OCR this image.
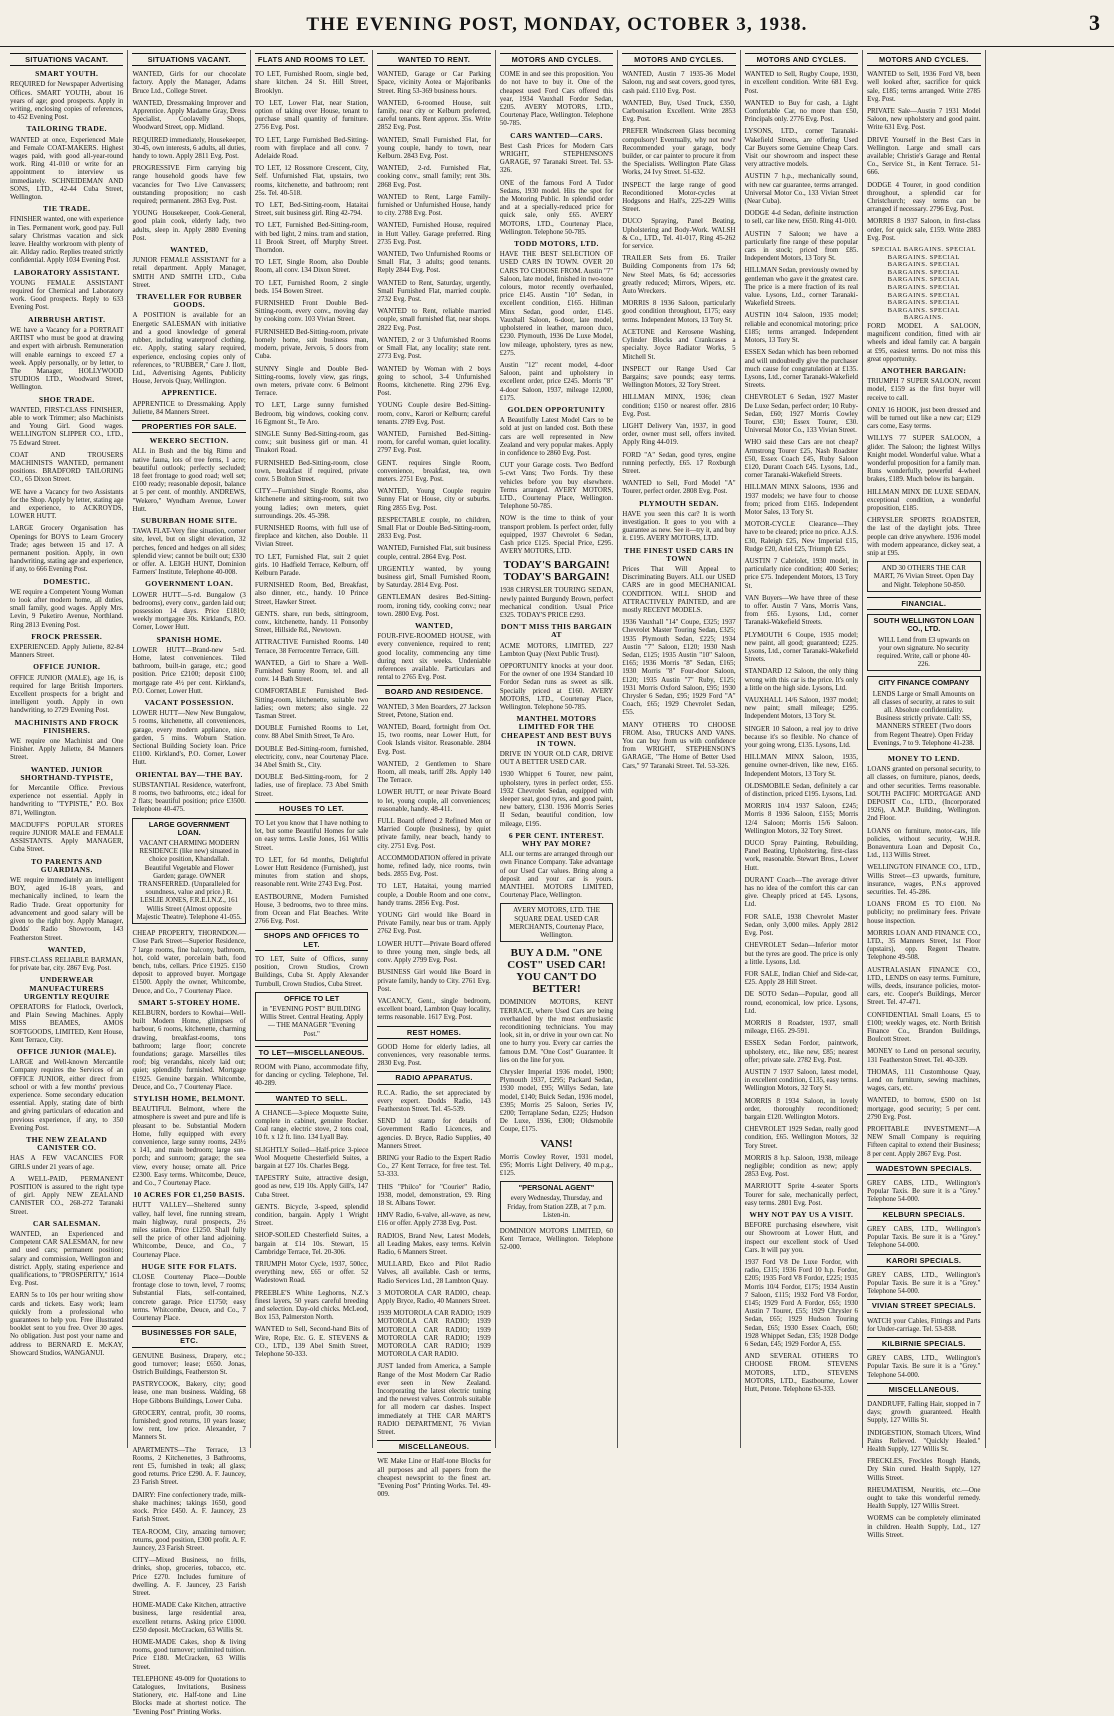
THE EVENING POST, MONDAY, OCTOBER 3, 1938.	3
SITUATIONS VACANT.
SMART YOUTH.
REQUIRED for Newspaper Advertising Offices. SMART YOUTH, about 16 years of age; good prospects. Apply in writing, enclosing copies of references, to 452 Evening Post.
TAILORING TRADE.
WANTED at once, Experienced Male and Female COAT-MAKERS. Highest wages paid, with good all-year-round work. Ring 41-010 or write for an appointment to interview us immediately. SCHNEIDEMAN AND SONS, LTD., 42-44 Cuba Street, Wellington.
TIE TRADE.
FINISHER wanted, one with experience in Ties. Permanent work, good pay. Full salary Christmas vacation and sick leave. Healthy workroom with plenty of air. Allday radio. Replies treated strictly confidential. Apply 1034 Evening Post.
LABORATORY ASSISTANT.
YOUNG FEMALE ASSISTANT required for Chemical and Laboratory work. Good prospects. Reply to 633 Evening Post.
AIRBRUSH ARTIST.
WE have a Vacancy for a PORTRAIT ARTIST who must be good at drawing and expert with airbrush. Remuneration will enable earnings to exceed £7 a week. Apply personally, or by letter, to The Manager, HOLLYWOOD STUDIOS LTD., Woodward Street, Wellington.
SHOE TRADE.
WANTED, FIRST-CLASS FINISHER, able to work Trimmer; also Machinists and Young Girl. Good wages. WELLINGTON SLIPPER CO., LTD., 75 Edward Street.
COAT AND TROUSERS MACHINISTS WANTED, permanent positions. BRADFORD TAILORING CO., 65 Dixon Street.
WE have a Vacancy for two Assistants for the Shop. Apply by letter, stating age and experience, to ACKROYDS, LOWER HUTT.
LARGE Grocery Organisation has Openings for BOYS to Learn Grocery Trade; ages between 15 and 17. A permanent position. Apply, in own handwriting, stating age and experience, if any, to 666 Evening Post.
DOMESTIC.
WE require a Competent Young Woman to look after modern home, all duties, small family, good wages. Apply Mrs. Levin, 9 Puketiro Avenue, Northland. Ring 2813 Evening Post.
FROCK PRESSER.
EXPERIENCED. Apply Juliette, 82-84 Manners Street.
OFFICE JUNIOR.
OFFICE JUNIOR (MALE), age 16, is required for large British Importers. Excellent prospects for a bright and intelligent youth. Apply in own handwriting, to 2729 Evening Post.
MACHINISTS AND FROCK FINISHERS.
WE require one Machinist and One Finisher. Apply Juliette, 84 Manners Street.
WANTED. JUNIOR SHORTHAND-TYPISTE,
for Mercantile Office. Previous experience not essential. Apply in handwriting to "TYPISTE," P.O. Box 871, Wellington.
MACDUFF'S POPULAR STORES require JUNIOR MALE and FEMALE ASSISTANTS. Apply MANAGER, Cuba Street.
TO PARENTS AND GUARDIANS.
WE require immediately an intelligent BOY, aged 16-18 years, and mechanically inclined, to learn the Radio Trade. Great opportunity for advancement and good salary will be given to the right boy. Apply Manager, Dodds' Radio Showroom, 143 Featherston Street.
WANTED,
FIRST-CLASS RELIABLE BARMAN, for private bar, city. 2867 Evg. Post.
UNDERWEAR MANUFACTURERS URGENTLY REQUIRE
OPERATORS for Flatlock, Overlock, and Plain Sewing Machines. Apply MISS BEAMES, AMOS SOFTGOODS, LIMITED, Kent House, Kent Terrace, City.
OFFICE JUNIOR (MALE).
LARGE and Well-known Mercantile Company requires the Services of an OFFICE JUNIOR, either direct from school or with a few months' previous experience. Some secondary education essential. Apply, stating date of birth and giving particulars of education and previous experience, if any, to 350 Evening Post.
THE NEW ZEALAND CANISTER CO.
HAS A FEW VACANCIES FOR GIRLS under 21 years of age.
A WELL-PAID, PERMANENT POSITION is assured to the right type of girl. Apply NEW ZEALAND CANISTER CO., 268-272 Taranaki Street.
CAR SALESMAN.
WANTED, an Experienced and Competent CAR SALESMAN, for new and used cars; permanent position; salary and commission, Wellington and district. Apply, stating experience and qualifications, to "PROSPERITY," 1614 Evg. Post.
EARN 5s to 10s per hour writing show cards and tickets. Easy work; learn quickly from a professional who guarantees to help you. Free illustrated booklet sent to you free. Over 30 ages. No obligation. Just post your name and address to BERNARD E. McKAY, Showcard Studios, WANGANUI.
SITUATIONS VACANT.
WANTED, Girls for our chocolate factory. Apply the Manager, Adams Bruce Ltd., College Street.
WANTED, Dressmaking Improver and Apprentice. Apply Madame Gray, Dress Specialist, Coolavelly Shops, Woodward Street, opp. Midland.
REQUIRED immediately, Housekeeper, 30-45, own interests, 6 adults, all duties, handy to town. Apply 2811 Evg. Post.
PROGRESSIVE Firm carrying big range household goods have few vacancies for Two Live Canvassers; outstanding proposition; no cash required; permanent. 2863 Evg. Post.
YOUNG Housekeeper, Cook-General, good plain cook, elderly lady, two adults, sleep in. Apply 2880 Evening Post.
WANTED,
JUNIOR FEMALE ASSISTANT for a retail department. Apply Manager, SMITH AND SMITH LTD., Cuba Street.
TRAVELLER FOR RUBBER GOODS.
A POSITION is available for an Energetic SALESMAN with initiative and a good knowledge of general rubber, including waterproof clothing, etc. Apply, stating salary required, experience, enclosing copies only of references, to "RUBBER," Care J. Ilott, Ltd., Advertising Agents, Publicity House, Jervois Quay, Wellington.
APPRENTICE.
APPRENTICE to Dressmaking. Apply Juliette, 84 Manners Street.
PROPERTIES FOR SALE.
WEKERO SECTION.
ALL in Bush and the big Rimu and native fauna, lots of tree ferns, 1 acre; beautiful outlook; perfectly secluded; 18 feet frontage to good road; well set; £100 ready; reasonable deposit, balance at 5 per cent. of monthly. ANDREWS, "Wekero," Wyndham Avenue, Lower Hutt.
SUBURBAN HOME SITE.
TAWA FLAT-Very fine situation, corner site, level, but on slight elevation, 32 perches, fenced and hedges on all sides; splendid view; cannot be built out; £330 or offer. A. LEIGH HUNT, Dominion Farmers' Institute, Telephone 40-008.
GOVERNMENT LOAN.
LOWER HUTT—5-rd. Bungalow (3 bedrooms), every conv., garden laid out; possession 14 days. Price £1810; weekly mortgagee 30s. Kirkland's, P.O. Corner, Lower Hutt.
SPANISH HOME.
LOWER HUTT—Brand-new 5-rd. Home, latest conveniences. Tiled bathroom, built-in garage, etc.; good position. Price £2100; deposit £100; mortgage rate 4½ per cent. Kirkland's, P.O. Corner, Lower Hutt.
VACANT POSSESSION.
LOWER HUTT—New New Bungalow, 5 rooms, kitchenette, all conveniences, garage, every modern appliance, nice garden, 5 mins. Woburn Station. Sectional Building Society loan. Price £1100. Kirkland's, P.O. Corner, Lower Hutt.
ORIENTAL BAY—THE BAY.
SUBSTANTIAL Residence, waterfront, 8 rooms, two bathrooms, etc.; ideal for 2 flats; beautiful position; price £3500. Telephone 40-475.
LARGE GOVERNMENT LOAN.
VACANT CHARMING MODERN RESIDENCE (like new) situated in choice position, Khandallah. Beautiful Vegetable and Flower Garden; garage. OWNER TRANSFERRED. (Unparalleled for soundness, value and price.) R. LESLIE JONES, F.R.E.I.N.Z., 161 Willis Street (Almost opposite Majestic Theatre). Telephone 41-055.
CHEAP PROPERTY, THORNDON.—Close Park Street—Superior Residence, 7 large rooms, fine balcony, bathroom, hot, cold water, porcelain bath, food bench, tubs, cellars. Price £1925. £150 deposit to approved buyer. Mortgage £1500. Apply the owner, Whitcombe, Deuce, and Co., 7 Courtenay Place.
SMART 5-STOREY HOME.
KELBURN, borders to Kowhai—Well-built Modern Home, glimpses of harbour, 6 rooms, kitchenette, charming drawing, breakfast-rooms, tons bathroom; large floor; concrete foundations; garage. Marseilles tiles roof; big verandahs, nicely laid out; quiet; splendidly furnished. Mortgage £1925. Genuine bargain. Whitcombe, Deuce, and Co., 7 Courtenay Place.
STYLISH HOME, BELMONT.
BEAUTIFUL Belmont, where the atmosphere is sweet and pure and life is pleasant to be. Substantial Modern Home, fully equipped with every convenience, large sunny rooms, 243½ x 141, and main bedroom; large sun-porch; and sunroom; garage; the sea view, every house; ornate all. Price £2300. Easy terms. Whitcombe, Deuce, and Co., 7 Courtenay Place.
10 ACRES FOR £1,250 BASIS.
HUTT VALLEY—Sheltered sunny valley, half level, fine running stream, main highway, rural prospects, 2½ miles station. Price £1250. Shall fully sell the price of other land adjoining. Whitcombe, Deuce, and Co., 7 Courtenay Place.
HUGE SITE FOR FLATS.
CLOSE Courtenay Place—Double frontage close to town, level, 7 rooms; Substantial Flats, self-contained, concrete garage. Price £1750; easy terms. Whitcombe, Deuce, and Co., 7 Courtenay Place.
BUSINESSES FOR SALE, ETC.
GENUINE Business, Drapery, etc.; good turnover; lease; £650. Jonas, Ostrich Buildings, Featherston St.
PASTRYCOOK, Bakery, city; good lease, one man business. Walding, 68 Hope Gibbons Buildings, Lower Cuba.
GROCERY, central, profit, 30 rooms, furnished; good returns, 10 years lease; low rent, low price. Alexander, 7 Manners St.
APARTMENTS—The Terrace, 13 Rooms, 2 Kitchenettes, 3 Bathrooms, rent £5, furnished in teak; all glass; good returns. Price £290. A. F. Jauncey, 23 Farish Street.
DAIRY: Fine confectionery trade, milk-shake machines; takings 1650, good stock. Price £450. A. F. Jauncey, 23 Farish Street.
TEA-ROOM, City, amazing turnover; returns, good position, £300 profit. A. F. Jauncey, 23 Farish Street.
CITY—Mixed Business, no frills, drinks, shop, groceries, tobacco, etc. Price £270. Includes furniture of dwelling. A. F. Jauncey, 23 Farish Street.
HOME-MADE Cake Kitchen, attractive business, large residential area, excellent returns. Asking price £1000. £250 deposit. McCracken, 63 Willis St.
HOME-MADE Cakes, shop & living rooms, good turnover; unlimited tuition. Price £180. McCracken, 63 Willis Street.
TELEPHONE 49-009 for Quotations to Catalogues, Invitations, Business Stationery, etc. Half-tone and Line Blocks made at shortest notice. The "Evening Post" Printing Works.
FLATS AND ROOMS TO LET.
TO LET, Furnished Room, single bed, share kitchen. 24 St. Hill Street, Brooklyn.
TO LET, Lower Flat, near Station, option of taking over House, tenant to purchase small quantity of furniture. 2756 Evg. Post.
TO LET, Large Furnished Bed-Sitting-room with fireplace and all conv. 7 Adelaide Road.
TO LET, 12 Rossmore Crescent, City, Self. Unfurnished Flat, upstairs, two rooms, kitchenette, and bathroom; rent 25s. Tel. 40-518.
TO LET, Bed-Sitting-room, Hataitai Street, suit business girl. Ring 42-794.
TO LET, Furnished Bed-Sitting-room, with bed light, 2 mins. tram and station, 11 Brook Street, off Murphy Street. Thorndon.
TO LET, Single Room, also Double Room, all conv. 134 Dixon Street.
TO LET, Furnished Room, 2 single beds. 154 Bowen Street.
FURNISHED Front Double Bed-Sitting-room, every conv., moving day by cooking conv. 103 Vivian Street.
FURNISHED Bed-Sitting-room, private homely home, suit business man, modern, private, Jervois, 5 doors from Cuba.
SUNNY Single and Double Bed-Sitting-rooms, lovely view, gas rings, own meters, private conv. 6 Belmont Terrace.
TO LET, Large sunny furnished Bedroom, big windows, cooking conv. 16 Egmont St., Te Aro.
SINGLE Sunny Bed-Sitting-room, gas conv.; suit business girl or man. 41 Tinakori Road.
FURNISHED Bed-Sitting-room, close town, breakfast if required, private conv. 5 Bolton Street.
CITY—Furnished Single Rooms, also kitchenette and sitting-room, suit two young ladies; own meters, quiet surroundings. 20s. 45-398.
FURNISHED Rooms, with full use of fireplace and kitchen, also Double. 11 Vivian Street.
TO LET, Furnished Flat, suit 2 quiet girls. 10 Hadfield Terrace, Kelburn, off Kelburn Parade.
FURNISHED Room, Bed, Breakfast, also dinner, etc., handy. 10 Prince Street, Hawker Street.
GENTS. share, run beds, sittingroom, conv., kitchenette, handy. 11 Ponsonby Street, Hillside Rd., Newtown.
ATTRACTIVE Furnished Rooms. 140 Terrace, 38 Ferrocentre Terrace, Gill.
WANTED, a Girl to Share a Well-Furnished Sunny Room, tel. and all conv. 14 Bath Street.
COMFORTABLE Furnished Bed-Sitting-room, kitchenette, suitable two ladies; own meters; also single. 22 Tasman Street.
DOUBLE Furnished Rooms to Let, conv. 88 Abel Smith Street, Te Aro.
DOUBLE Bed-Sitting-room, furnished, electricity, conv., near Courtenay Place. 34 Abel Smith St., City.
DOUBLE Bed-Sitting-room, for 2 ladies, use of fireplace. 73 Abel Smith Street.
HOUSES TO LET.
TO Let you know that I have nothing to let, but some Beautiful Homes for sale on easy terms. Leslie Jones, 161 Willis Street.
TO LET, for 6d months, Delightful Lower Hutt Residence (Furnished), just minutes from station and shops, reasonable rent. Write 2743 Evg. Post.
EASTBOURNE, Modern Furnished House, 3 bedrooms, two to three mins. from Ocean and Flat Beaches. Write 2766 Evg. Post.
SHOPS AND OFFICES TO LET.
TO LET, Suite of Offices, sunny position, Crown Studios, Crown Buildings, Cuba St. Apply Alexander Turnbull, Crown Studios, Cuba Street.
OFFICE TO LET
in "EVENING POST" BUILDING Willis Street. Central Heating. Apply— THE MANAGER "Evening Post."
TO LET—MISCELLANEOUS.
ROOM with Piano, accommodate fifty, for dancing or cycling. Telephone, Tel. 40-289.
WANTED TO SELL.
A CHANCE—3-piece Moquette Suite, complete in cabinet, genuine Rocker. Coal range, electric stove, 2 tons coal, 10 ft. x 12 ft. lino. 134 Lyall Bay.
SLIGHTLY Soiled—Half-price 3-piece Wool Moquette Chesterfield Suites, a bargain at £27 10s. Charles Begg.
TAPESTRY Suite, attractive design, good as new, £19 10s. Apply Gill's, 147 Cuba Street.
GENTS. Bicycle, 3-speed, splendid condition, bargain. Apply 1 Wright Street.
SHOP-SOILED Chesterfield Suites, a bargain at £14 10s. Stewart, 15 Cambridge Terrace, Tel. 20-306.
TRIUMPH Motor Cycle, 1937, 500cc, everything new, £65 or offer. 52 Wadestown Road.
PREEBLE'S White Leghorns, N.Z.'s finest layers, 50 years careful breeding and selection. Day-old chicks. McLeod, Box 153, Palmerston North.
WANTED to Sell, Second-hand Bits of Wire, Rope, Etc. G. E. STEVENS & CO., LTD., 139 Abel Smith Street, Telephone 50-333.
WANTED TO RENT.
WANTED, Garage or Car Parking Space, vicinity Aotea or Majoribanks Street. Ring 53-369 business hours.
WANTED, 6-roomed House, suit family, near city or Kelburn preferred, careful tenants. Rent approx. 35s. Write 2852 Evg. Post.
WANTED, Small Furnished Flat, for young couple, handy to town, near Kelburn. 2843 Evg. Post.
WANTED, 2-rd. Furnished Flat, cooking conv., small family; rent 30s. 2868 Evg. Post.
WANTED to Rent, Large Family-furnished or Unfurnished House, handy to city. 2788 Evg. Post.
WANTED, Furnished House, required in Hutt Valley. Garage preferred. Ring 2735 Evg. Post.
WANTED, Two Unfurnished Rooms or Small Flat, 3 adults; good tenants. Reply 2844 Evg. Post.
WANTED to Rent, Saturday, urgently, Small Furnished Flat, married couple. 2732 Evg. Post.
WANTED to Rent, reliable married couple, small furnished flat, near shops. 2822 Evg. Post.
WANTED, 2 or 3 Unfurnished Rooms or Small Flat, any locality; state rent. 2773 Evg. Post.
WANTED by Woman with 2 boys going to school, 3-4 Unfurnished Rooms, kitchenette. Ring 2796 Evg. Post.
YOUNG Couple desire Bed-Sitting-room, conv., Karori or Kelburn; careful tenants. 2789 Evg. Post.
WANTED, Furnished Bed-Sitting-room, for careful woman, quiet locality. 2797 Evg. Post.
GENT. requires Single Room, convenience, breakfast, tea, own meters. 2751 Evg. Post.
WANTED, Young Couple require Sunny Flat or House, city or suburbs. Ring 2855 Evg. Post.
RESPECTABLE couple, no children, Small Flat or Double Bed-Sitting-room, 2833 Evg. Post.
WANTED, Furnished Flat, suit business couple, central. 2864 Evg. Post.
URGENTLY wanted, by young business girl, Small Furnished Room, by Saturday. 2814 Evg. Post.
GENTLEMAN desires Bed-Sitting-room, ironing tidy, cooking conv.; near town. 2800 Evg. Post.
WANTED,
FOUR-FIVE-ROOMED HOUSE, with every convenience, required to rent; good locality, commencing any time during next six weeks. Undeniable references available. Particulars and rental to 2765 Evg. Post.
BOARD AND RESIDENCE.
WANTED, 3 Men Boarders, 27 Jackson Street, Petone, Station end.
WANTED, Board, fortnight from Oct. 15, two rooms, near Lower Hutt, for Cook Islands visitor. Reasonable. 2804 Evg. Post.
WANTED, 2 Gentlemen to Share Room, all meals, tariff 28s. Apply 140 The Terrace.
LOWER HUTT, or near Private Board to let, young couple, all conveniences; reasonable, handy. 48-411.
FULL Board offered 2 Refined Men or Married Couple (business), by quiet private family, near beach, handy to city. 2751 Evg. Post.
ACCOMMODATION offered in private home, refined lady, nice rooms, twin beds. 2855 Evg. Post.
TO LET, Hataitai, young married couple, a Double Room and one conv., handy trams. 2856 Evg. Post.
YOUNG Girl would like Board in Private Family, near bus or tram. Apply 2762 Evg. Post.
LOWER HUTT—Private Board offered to three young men, single beds, all conv. Apply 2799 Evg. Post.
BUSINESS Girl would like Board in private family, handy to City. 2761 Evg. Post.
VACANCY, Gent., single bedroom, excellent board, Lambton Quay locality, terms reasonable. 1617 Evg. Post.
REST HOMES.
GOOD Home for elderly ladies, all conveniences, very reasonable terms. 2830 Evg. Post.
RADIO APPARATUS.
R.C.A. Radio, the set appreciated by every expert. Dodds Radio, 143 Featherston Street. Tel. 45-539.
SEND 1d stamp for details of Government Radio Licences, and agencies. D. Bryce, Radio Supplies, 40 Manners Street.
BRING your Radio to the Expert Radio Co., 27 Kent Terrace, for free test. Tel. 53-333.
THIS "Philco" for "Courier" Radio, 1938, model, demonstration, £9. Ring 18 St. Albans Tower.
HMV Radio, 6-valve, all-wave, as new, £16 or offer. Apply 2738 Evg. Post.
RADIOS, Brand New, Latest Models, all Leading Makes, easy terms. Kelvin Radio, 6 Manners Street.
MULLARD, Ekco and Pilot Radio Valves, all available. Cash or terms, Radio Services Ltd., 28 Lambton Quay.
3 MOTOROLA CAR RADIO, cheap. Apply Bryce, Radio, 40 Manners Street.
1939 MOTOROLA CAR RADIO; 1939 MOTOROLA CAR RADIO; 1939 MOTOROLA CAR RADIO; 1939 MOTOROLA CAR RADIO; 1939 MOTOROLA CAR RADIO; 1939 MOTOROLA CAR RADIO.
JUST landed from America, a Sample Range of the Most Modern Car Radio ever seen in New Zealand. Incorporating the latest electric tuning and the newest valves. Controls suitable for all modern car dashes. Inspect immediately at THE CAR MART'S RADIO DEPARTMENT, 76 Vivian Street.
MISCELLANEOUS.
WE Make Line or Half-tone Blocks for all purposes and all papers from the cheapest newsprint to the finest art. "Evening Post" Printing Works. Tel. 49-009.
MOTORS AND CYCLES.
COME in and see this proposition. You do not have to buy it. One of the cheapest used Ford Cars offered this year, 1934 Vauxhall Fordor Sedan, £205. AVERY MOTORS, LTD., Courtenay Place, Wellington. Telephone 50-785.
CARS WANTED—CARS.
Best Cash Prices for Modern Cars WRIGHT, STEPHENSON'S GARAGE, 97 Taranaki Street. Tel. 53-326.
ONE of the famous Ford A Tudor Sedans, 1930 model. Hits the spot for the Motoring Public. In splendid order and at a specially-reduced price for quick sale, only £65. AVERY MOTORS, LTD., Courtenay Place, Wellington. Telephone 50-785.
TODD MOTORS, LTD.
HAVE THE BEST SELECTION OF USED CARS IN TOWN. OVER 20 CARS TO CHOOSE FROM. Austin "7" Saloon, late model, finished in two-tone colours, motor recently overhauled, price £145. Austin "10" Sedan, in excellent condition, £165. Hillman Minx Sedan, good order, £145. Vauxhall Saloon, 6-door, late model, upholstered in leather, maroon duco, £230. Plymouth, 1936 De Luxe Model, low mileage, upholstery, tyres as new, £275.
Austin "12" recent model, 4-door Saloon, paint and upholstery in excellent order, price £245. Morris "8" 4-door Saloon, 1937, mileage 12,000, £175.
GOLDEN OPPORTUNITY
A Beautifully Latest Model Cars to be sold at just on landed cost. Both these cars are well represented in New Zealand and very popular makes. Apply in confidence to 2860 Evg. Post.
CUT your Garage costs. Two Bedford 5-cwt Vans; Two Fords. Try these vehicles before you buy elsewhere. Terms arranged. AVERY MOTORS, LTD., Courtenay Place, Wellington. Telephone 50-785.
NOW is the time to think of your transport problem. Is perfect order, fully equipped, 1937 Chevrolet 6 Sedan, Cash price £125. Special Price, £295. AVERY MOTORS, LTD.
TODAY'S BARGAIN! TODAY'S BARGAIN!
1938 CHRYSLER TOURING SEDAN, newly painted Burgundy Brown, perfect mechanical condition. Usual Price £325. TODAY'S PRICE £293.
DON'T MISS THIS BARGAIN AT
ACME MOTORS, LIMITED, 227 Lambton Quay (Next Public Trust).
OPPORTUNITY knocks at your door. For the owner of one 1934 Standard 10 Fordor Sedan runs as sweet as silk. Specially priced at £160. AVERY MOTORS, LTD., Courtenay Place, Wellington. Telephone 50-785.
MANTHEL MOTORS LIMITED FOR THE CHEAPEST AND BEST BUYS IN TOWN.
DRIVE IN YOUR OLD CAR, DRIVE OUT A BETTER USED CAR.
1930 Whippet 6 Tourer, new paint, upholstery, tyres in perfect order, £55. 1932 Chevrolet Sedan, equipped with sleeper seat, good tyres, and good paint, new battery, £130. 1936 Morris Series II Sedan, beautiful condition, low mileage, £195.
6 PER CENT. INTEREST. WHY PAY MORE?
ALL our terms are arranged through our own Finance Company. Take advantage of our Used Car values. Bring along a deposit and your car is yours. MANTHEL MOTORS LIMITED, Courtenay Place, Wellington.
AVERY MOTORS, LTD. THE SQUARE DEAL USED CAR MERCHANTS, Courtenay Place, Wellington.
BUY A D.M. "ONE COST" USED CAR! YOU CAN'T DO BETTER!
DOMINION MOTORS, KENT TERRACE, where Used Cars are being overhauled by the most enthusiastic reconditioning technicians. You may look, sit in, or drive in your own car. No one to hurry you. Every car carries the famous D.M. "One Cost" Guarantee. It lies on the line for you.
Chrysler Imperial 1936 model, 1900; Plymouth 1937, £295; Packard Sedan, 1930 model, £95; Willys Sedan, late model, £140; Buick Sedan, 1936 model, £395; Morris 25 Saloon, Series IV, £200; Terraplane Sedan, £225; Hudson De Luxe, 1936, £300; Oldsmobile Coupe, £175.
VANS!
Morris Cowley Rover, 1931 model, £95; Morris Light Delivery, 40 m.p.g., £125.
"PERSONAL AGENT"
every Wednesday, Thursday, and Friday, from Station 2ZB, at 7 p.m. Listen-in.
DOMINION MOTORS LIMITED, 60 Kent Terrace, Wellington. Telephone 52-000.
MOTORS AND CYCLES.
WANTED, Austin 7 1935-36 Model Saloon, rug and seat covers, good tyres, cash paid. £110 Evg. Post.
WANTED, Buy, Used Truck, £350, Carbonisation Excellent. Write 2853 Evg. Post.
PREFER Windscreen Glass becoming compulsory! Eventually, why not now? Recommended your garage, body builder, or car painter to procure it from the Specialists. Wellington Plate Glass Works, 24 Ivy Street. 51-632.
INSPECT the large range of good Reconditioned Motor-cycles at Hodgsons and Hall's, 225-229 Willis Street.
DUCO Spraying, Panel Beating, Upholstering and Body-Work. WALSH & Co., LTD., Tel. 41-017, Ring 45-262 for service.
TRAILER Sets from £6. Trailer Building Components from 17s 6d; New Steel Mats, 6s 6d; accessories greatly reduced; Mirrors, Wipers, etc. Auto Wreckers.
MORRIS 8 1936 Saloon, particularly good condition throughout, £175; easy terms. Independent Motors, 13 Tory St.
ACETONE and Kerosene Washing, Cylinder Blocks and Crankcases a specialty. Joyce Radiator Works, 5 Mitchell St.
INSPECT our Range Used Car Bargains; save pounds; easy terms. Wellington Motors, 32 Tory Street.
HILLMAN MINX, 1936; clean condition; £150 or nearest offer. 2816 Evg. Post.
LIGHT Delivery Van, 1937, in good order, owner must sell, offers invited. Apply Ring 44-019.
FORD "A" Sedan, good tyres, engine running perfectly, £65. 17 Roxburgh Street.
WANTED to Sell, Ford Model "A" Tourer, perfect order. 2808 Evg. Post.
PLYMOUTH SEDAN.
HAVE you seen this car? It is worth investigation. It goes to you with a guarantee as new. See it—try it, and buy it. £195. AVERY MOTORS, LTD.
THE FINEST USED CARS IN TOWN
Prices That Will Appeal to Discriminating Buyers. ALL our USED CARS are in good MECHANICAL CONDITION. WILL SHOD and ATTRACTIVELY PAINTED, and are mostly RECENT MODELS.
1936 Vauxhall "14" Coupe, £325; 1937 Chevrolet Master Touring Sedan, £325; 1935 Plymouth Sedan, £225; 1934 Austin "7" Saloon, £120; 1930 Nash Sedan, £125; 1935 Austin "10" Saloon, £165; 1936 Morris "8" Sedan, £165; 1930 Morris "8" Four-door Saloon, £120; 1935 Austin "7" Ruby, £125; 1931 Morris Oxford Saloon, £95; 1930 Chrysler 6 Sedan, £95; 1929 Ford "A" Coach, £65; 1929 Chevrolet Sedan, £55.
MANY OTHERS TO CHOOSE FROM. Also, TRUCKS AND VANS. You can buy from us with confidence from WRIGHT, STEPHENSON'S GARAGE, "The Home of Better Used Cars," 97 Taranaki Street. Tel. 53-326.
MOTORS AND CYCLES.
WANTED to Sell, Rugby Coupe, 1930, in excellent condition. Write 681 Evg. Post.
WANTED to Buy for cash, a Light Comfortable Car, no more than £50, Principals only. 2776 Evg. Post.
LYSONS, LTD., corner Taranaki-Wakefield Streets, are offering Used Car Buyers some Genuine Cheap Cars. Visit our showroom and inspect these very attractive models.
AUSTIN 7 h.p., mechanically sound, with new car guarantee, terms arranged. Universal Motor Co., 133 Vivian Street (Near Cuba).
DODGE 4-d Sedan, definite instruction to sell, car like new, £650. Ring 41-010.
AUSTIN 7 Saloon; we have a particularly fine range of these popular cars in stock; priced from £85. Independent Motors, 13 Tory St.
HILLMAN Sedan, previously owned by gentleman who gave it the greatest care. The price is a mere fraction of its real value. Lysons, Ltd., corner Taranaki-Wakefield Streets.
AUSTIN 10/4 Saloon, 1935 model; reliable and economical motoring; price £185; terms arranged. Independent Motors, 13 Tory St.
ESSEX Sedan which has been reborned and will undoubtedly give the purchaser much cause for congratulation at £135. Lysons, Ltd., corner Taranaki-Wakefield Streets.
CHEVROLET 6 Sedan, 1927 Master De Luxe Sedan, perfect order; 10 Ruby-Sedan, £60; 1927 Morris Cowley Tourer, £30; Essex Tourer, £30. Universal Motor Co., 133 Vivian Street.
WHO said these Cars are not cheap? Armstrong Tourer £25, Nash Roadster £50, Essex Coach £45, Ruby Saloon £120, Durant Coach £45. Lysons, Ltd., corner Taranaki-Wakefield Streets.
HILLMAN MINX Saloons, 1936 and 1937 models; we have four to choose from; priced from £165. Independent Motor Sales, 13 Tory St.
MOTOR-CYCLE Clearance—They have to be cleared; price no price. A.J.S. £30, Raleigh £25, New Imperial £15, Rudge £20, Ariel £25, Triumph £25.
AUSTIN 7 Cabriolet, 1930 model, in particularly nice condition; 400 Series; price £75. Independent Motors, 13 Tory St.
VAN Buyers—We have three of these to offer. Austin 7 Vans, Morris Vans, from £65. Lysons, Ltd., corner Taranaki-Wakefield Streets.
PLYMOUTH 6 Coupe, 1935 model; new paint, all good; guaranteed; £225. Lysons, Ltd., corner Taranaki-Wakefield Streets.
STANDARD 12 Saloon, the only thing wrong with this car is the price. It's only a little on the high side. Lysons, Ltd.
VAUXHALL 14/6 Saloon, 1937 model; new paint; small mileage; £295. Independent Motors, 13 Tory St.
SINGER 10 Saloon, a real joy to drive because it's so flexible. No chance of your going wrong, £135. Lysons, Ltd.
HILLMAN MINX Saloon, 1935, genuine owner-driven, like new, £165. Independent Motors, 13 Tory St.
OLDSMOBILE Sedan, definitely a car of distinction, priced £195. Lysons, Ltd.
MORRIS 10/4 1937 Saloon, £245; Morris 8 1936 Saloon, £155; Morris 12/4 Saloon; Morris 15/6 Saloon. Wellington Motors, 32 Tory Street.
DUCO Spray Painting, Rebuilding, Panel Beating, Upholstering, first-class work, reasonable. Stewart Bros., Lower Hutt.
DURANT Coach—The average driver has no idea of the comfort this car can give. Cheaply priced at £45. Lysons, Ltd.
FOR SALE, 1938 Chevrolet Master Sedan, only 3,000 miles. Apply 2812 Evg. Post.
CHEVROLET Sedan—Inferior motor but the tyres are good. The price is only a little. Lysons, Ltd.
FOR SALE, Indian Chief and Side-car, £25. Apply 28 Hill Street.
DE SOTO Sedan—Popular, good all round, economical, low price. Lysons, Ltd.
MORRIS 8 Roadster, 1937, small mileage, £165. 29-591.
ESSEX Sedan Fordor, paintwork, upholstery, etc., like new, £85; nearest offer; private sale. 2782 Evg. Post.
AUSTIN 7 1937 Saloon, latest model, in excellent condition, £135, easy terms. Wellington Motors, 32 Tory St.
MORRIS 8 1934 Saloon, in lovely order, thoroughly reconditioned; bargain £120. Wellington Motors.
CHEVROLET 1929 Sedan, really good condition, £65. Wellington Motors, 32 Tory Street.
MORRIS 8 h.p. Saloon, 1938, mileage negligible; condition as new; apply 2853 Evg. Post.
MARRIOTT Sprite 4-seater Sports Tourer for sale, mechanically perfect, easy terms. 2801 Evg. Post.
WHY NOT PAY US A VISIT.
BEFORE purchasing elsewhere, visit our Showroom at Lower Hutt, and inspect our excellent stock of Used Cars. It will pay you.
1937 Ford V8 De Luxe Fordor, with radio, £315; 1936 Ford 10 h.p. Fordor, £205; 1935 Ford V8 Fordor, £225; 1935 Morris 10/4 Fordor, £175; 1934 Austin 7 Saloon, £115; 1932 Ford V8 Fordor, £145; 1929 Ford A Fordor, £65; 1930 Austin 7 Tourer, £55; 1929 Chrysler 6 Sedan, £65; 1929 Hudson Touring Sedan, £65; 1930 Essex Coach, £60; 1928 Whippet Sedan, £35; 1928 Dodge 6 Sedan, £45; 1929 Fordor A, £55.
AND SEVERAL OTHERS TO CHOOSE FROM. STEVENS MOTORS, LTD., STEVENS MOTORS, LTD., Eastbourne, Lower Hutt, Petone. Telephone 63-333.
MOTORS AND CYCLES.
WANTED to Sell, 1936 Ford V8, been well looked after, sacrifice for quick sale, £185; terms arranged. Write 2785 Evg. Post.
PRIVATE Sale—Austin 7 1931 Model Saloon, new upholstery and good paint. Write 631 Evg. Post.
DRIVE Yourself in the Best Cars in Wellington. Large and small cars available; Christie's Garage and Rental Co., Service St., in Kent Terrace. 51-666.
DODGE 4 Tourer, in good condition throughout, a splendid car for Christchurch; easy terms can be arranged if necessary. 2796 Evg. Post.
MORRIS 8 1937 Saloon, in first-class order, for quick sale, £159. Write 2883 Evg. Post.
SPECIAL BARGAINS. SPECIAL BARGAINS. SPECIAL BARGAINS. SPECIAL BARGAINS. SPECIAL BARGAINS. SPECIAL BARGAINS. SPECIAL BARGAINS. SPECIAL BARGAINS. SPECIAL BARGAINS. SPECIAL BARGAINS.
FORD MODEL A SALOON, magnificent condition, fitted with air wheels and ideal family car. A bargain at £95, easiest terms. Do not miss this great opportunity.
ANOTHER BARGAIN:
TRIUMPH 7 SUPER SALOON, recent model, £159 as the first buyer will receive to call.
ONLY 16 HOOK, just been dressed and will be turned out like a new car; £129 cars come, Easy terms.
WILLYS 77 SUPER SALOON, a glider. The Saloon; the lightest Willys Knight model. Wonderful value. What a wonderful proposition for a family man. Runs wonderfully, powerful 4-wheel brakes, £189. Much below its bargain.
HILLMAN MINX DE LUXE SEDAN, exceptional condition, a wonderful proposition, £185.
CHRYSLER SPORTS ROADSTER, the last of the daylight jobs. Three people can drive anywhere. 1936 model with modern appearance, dickey seat, a snip at £95.
AND 30 OTHERS THE CAR MART, 76 Vivian Street. Open Day and Night. Telephone 50-850.
FINANCIAL.
SOUTH WELLINGTON LOAN CO., LTD.
WILL Lend from £3 upwards on your own signature. No security required. Write, call or phone 40-226.
CITY FINANCE COMPANY
LENDS Large or Small Amounts on all classes of security, at rates to suit all. Absolute confidentiality. Business strictly private. Call: SS, MANNERS STREET (Two doors from Regent Theatre). Open Friday Evenings, 7 to 9. Telephone 41-238.
MONEY TO LEND.
LOANS granted on personal security, to all classes, on furniture, pianos, deeds, and other securities. Terms reasonable. SOUTH PACIFIC MORTGAGE AND DEPOSIT Co., LTD., (Incorporated 1926), A.M.P. Building, Wellington. 2nd Floor.
LOANS on furniture, motor-cars, life policies, without security, W.H.R. Bonaventura Loan and Deposit Co., Ltd., 113 Willis Street.
WELLINGTON FINANCE CO., LTD., Willis Street—£3 upwards, furniture, insurance, wages, P.N.s approved securities. Tel. 45-286.
LOANS FROM £5 TO £100. No publicity; no preliminary fees. Private house inspection.
MORRIS LOAN AND FINANCE CO., LTD., 35 Manners Street, 1st Floor (upstairs), opp. Regent Theatre. Telephone 49-508.
AUSTRALASIAN FINANCE CO., LTD., LENDS on easy terms. Furniture, wills, deeds, insurance policies, motor-cars, etc. Cooper's Buildings, Mercer Street. Tel. 47-471.
CONFIDENTIAL Small Loans, £5 to £100; weekly wages, etc. North British Finance Co., Brandon Buildings, Boulcott Street.
MONEY to Lend on personal security, 131 Featherston Street. Tel. 40-339.
THOMAS, 111 Customhouse Quay, Lend on furniture, sewing machines, wages, cars, etc.
WANTED, to borrow, £500 on 1st mortgage, good security; 5 per cent. 2790 Evg. Post.
PROFITABLE INVESTMENT—A NEW Small Company is requiring Fifteen capital to extend their Business; 8 per cent. Apply 2867 Evg. Post.
WADESTOWN SPECIALS.
GREY CABS, LTD., Wellington's Popular Taxis. Be sure it is a "Grey." Telephone 54-000.
KELBURN SPECIALS.
GREY CABS, LTD., Wellington's Popular Taxis. Be sure it is a "Grey." Telephone 54-000.
KARORI SPECIALS.
GREY CABS, LTD., Wellington's Popular Taxis. Be sure it is a "Grey." Telephone 54-000.
VIVIAN STREET SPECIALS.
WATCH your Cables, Fittings and Parts for Under-carriage. Tel. 53-838.
KILBIRNIE SPECIALS.
GREY CABS, LTD., Wellington's Popular Taxis. Be sure it is a "Grey." Telephone 54-000.
MISCELLANEOUS.
DANDRUFF, Falling Hair, stopped in 7 days; growth guaranteed. Health Supply, 127 Willis St.
INDIGESTION, Stomach Ulcers, Wind Pains Relieved. "Quickly Healed." Health Supply, 127 Willis St.
FRECKLES, Freckles Rough Hands, Dry Skin cured. Health Supply, 127 Willis Street.
RHEUMATISM, Neuritis, etc.—One ought to take this wonderful remedy. Health Supply, 127 Willis Street.
WORMS can be completely eliminated in children. Health Supply, Ltd., 127 Willis Street.
